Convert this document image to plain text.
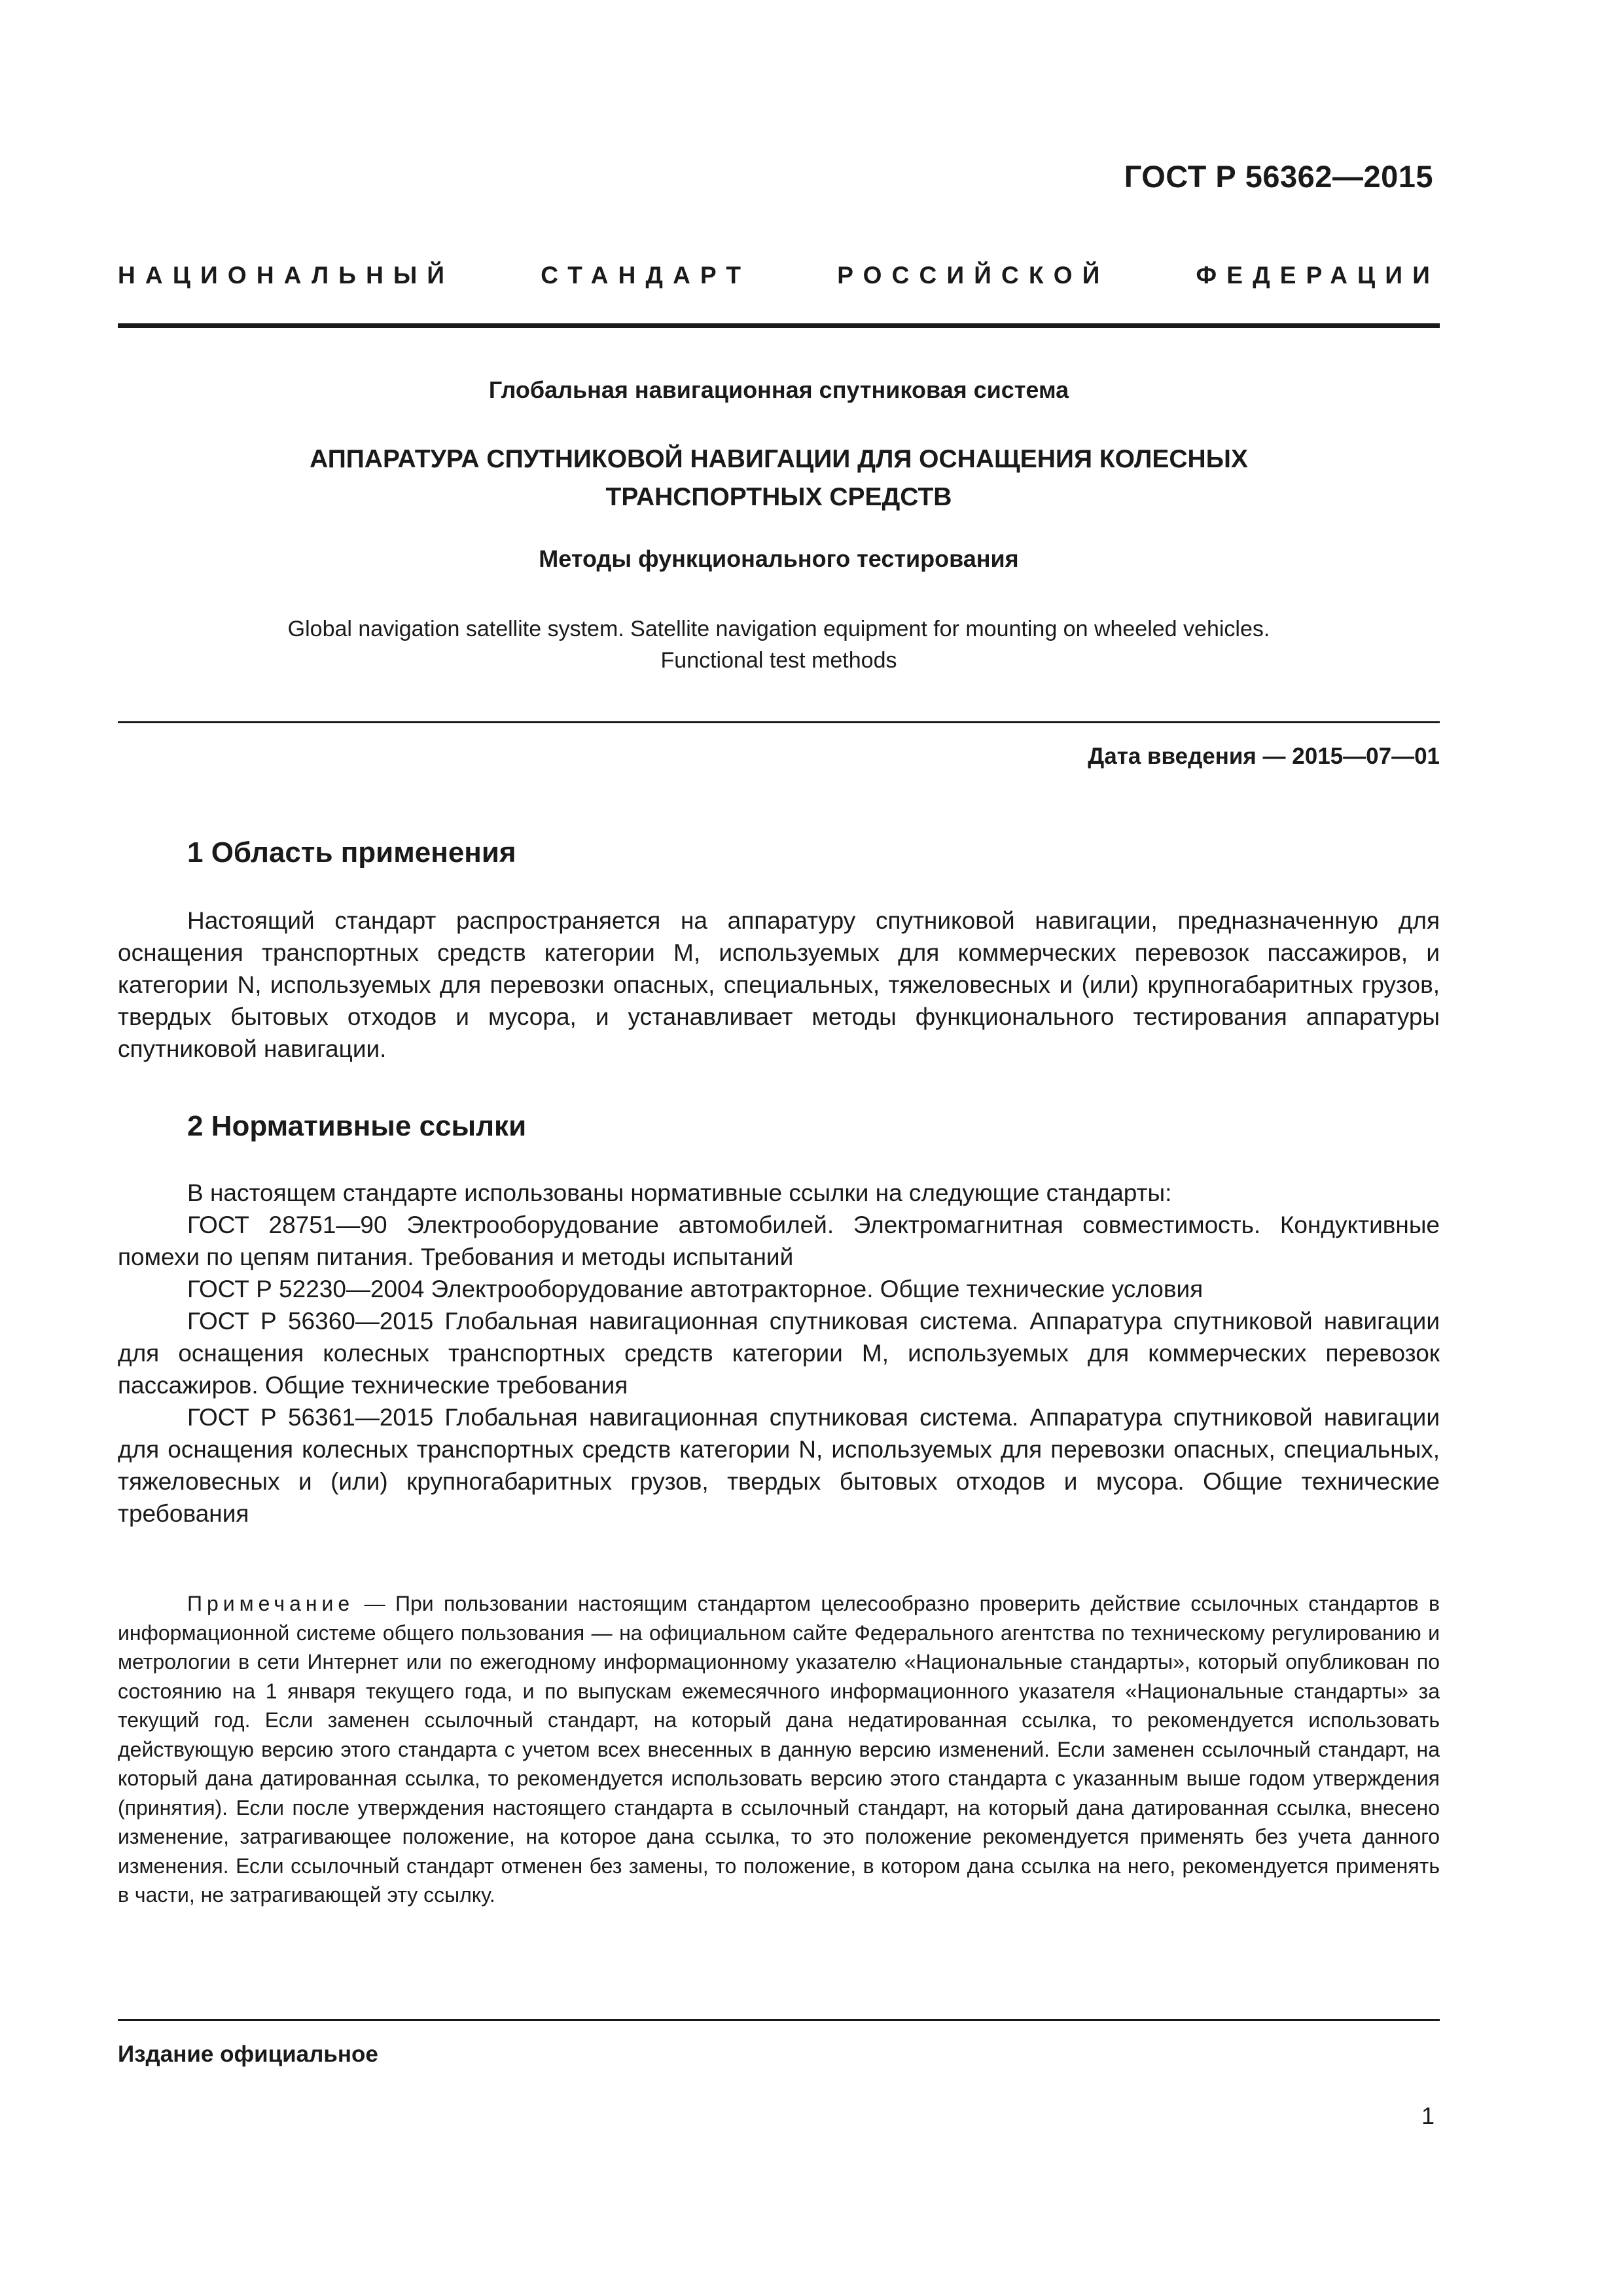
ГОСТ Р 56362—2015
НАЦИОНАЛЬНЫЙ СТАНДАРТ РОССИЙСКОЙ ФЕДЕРАЦИИ
Глобальная навигационная спутниковая система
АППАРАТУРА СПУТНИКОВОЙ НАВИГАЦИИ ДЛЯ ОСНАЩЕНИЯ КОЛЕСНЫХ ТРАНСПОРТНЫХ СРЕДСТВ
Методы функционального тестирования
Global navigation satellite system. Satellite navigation equipment for mounting on wheeled vehicles.
Functional test methods
Дата введения — 2015—07—01
1 Область применения

Настоящий стандарт распространяется на аппаратуру спутниковой навигации, предназначенную для оснащения транспортных средств категории M, используемых для коммерческих перевозок пассажиров, и категории N, используемых для перевозки опасных, специальных, тяжеловесных и (или) крупногабаритных грузов, твердых бытовых отходов и мусора, и устанавливает методы функционального тестирования аппаратуры спутниковой навигации.

2 Нормативные ссылки

В настоящем стандарте использованы нормативные ссылки на следующие стандарты:

ГОСТ 28751—90 Электрооборудование автомобилей. Электромагнитная совместимость. Кондуктивные помехи по цепям питания. Требования и методы испытаний

ГОСТ Р 52230—2004 Электрооборудование автотракторное. Общие технические условия

ГОСТ Р 56360—2015 Глобальная навигационная спутниковая система. Аппаратура спутниковой навигации для оснащения колесных транспортных средств категории М, используемых для коммерческих перевозок пассажиров. Общие технические требования

ГОСТ Р 56361—2015 Глобальная навигационная спутниковая система. Аппаратура спутниковой навигации для оснащения колесных транспортных средств категории N, используемых для перевозки опасных, специальных, тяжеловесных и (или) крупногабаритных грузов, твердых бытовых отходов и мусора. Общие технические требования

Примечание — При пользовании настоящим стандартом целесообразно проверить действие ссылочных стандартов в информационной системе общего пользования — на официальном сайте Федерального агентства по техническому регулированию и метрологии в сети Интернет или по ежегодному информационному указателю «Национальные стандарты», который опубликован по состоянию на 1 января текущего года, и по выпускам ежемесячного информационного указателя «Национальные стандарты» за текущий год. Если заменен ссылочный стандарт, на который дана недатированная ссылка, то рекомендуется использовать действующую версию этого стандарта с учетом всех внесенных в данную версию изменений. Если заменен ссылочный стандарт, на который дана датированная ссылка, то рекомендуется использовать версию этого стандарта с указанным выше годом утверждения (принятия). Если после утверждения настоящего стандарта в ссылочный стандарт, на который дана датированная ссылка, внесено изменение, затрагивающее положение, на которое дана ссылка, то это положение рекомендуется применять без учета данного изменения. Если ссылочный стандарт отменен без замены, то положение, в котором дана ссылка на него, рекомендуется применять в части, не затрагивающей эту ссылку.

Издание официальное
1
